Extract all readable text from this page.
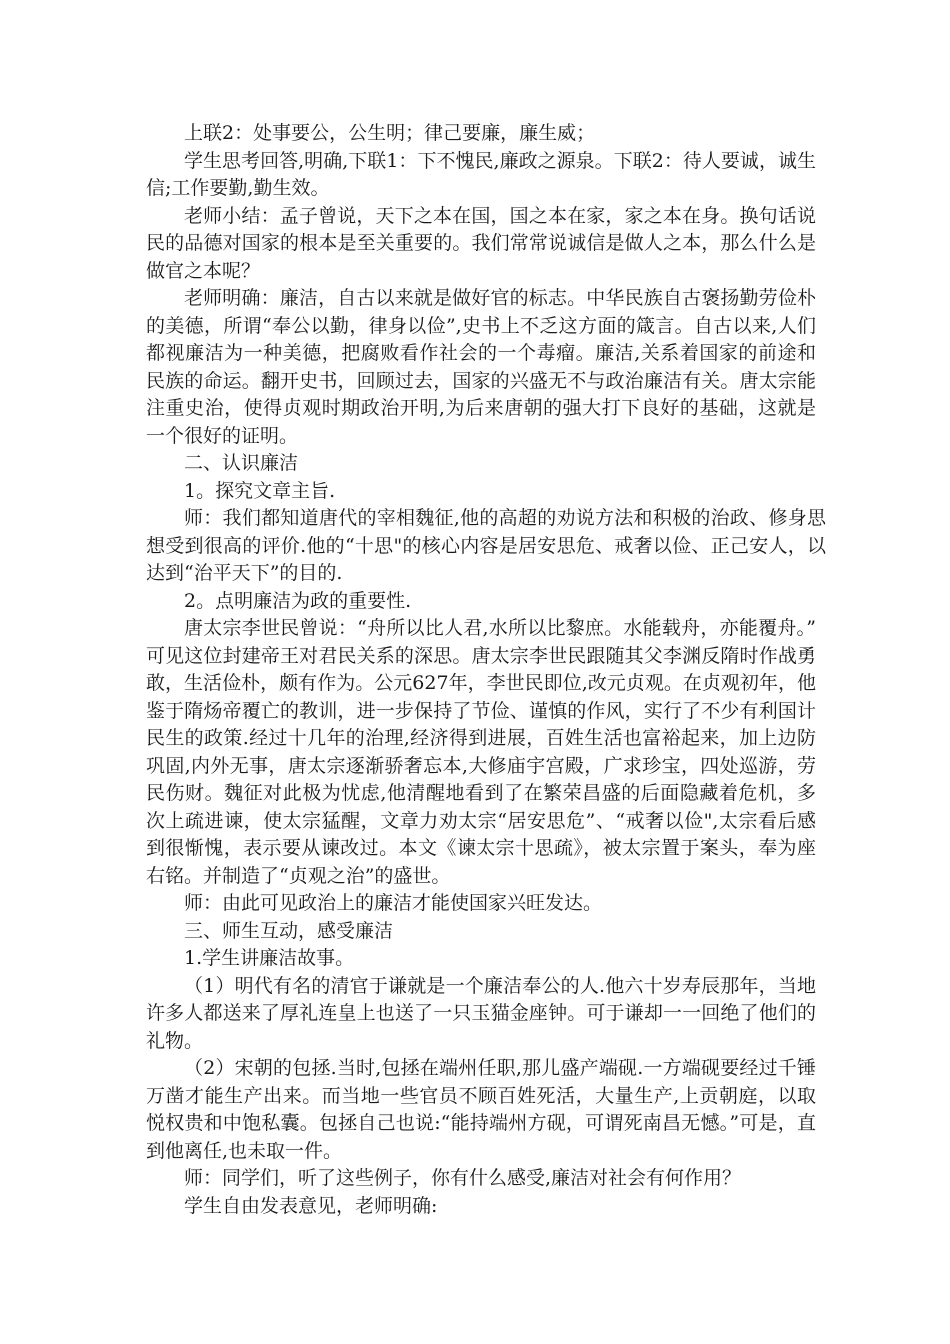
上联2：处事要公，公生明；律己要廉，廉生威；

学生思考回答,明确,下联1：下不愧民,廉政之源泉。下联2：待人要诚，诚生信;工作要勤,勤生效。

老师小结：孟子曾说，天下之本在国，国之本在家，家之本在身。换句话说民的品德对国家的根本是至关重要的。我们常常说诚信是做人之本，那么什么是做官之本呢？

老师明确：廉洁，自古以来就是做好官的标志。中华民族自古褒扬勤劳俭朴的美德，所谓“奉公以勤，律身以俭”,史书上不乏这方面的箴言。自古以来,人们都视廉洁为一种美德，把腐败看作社会的一个毒瘤。廉洁,关系着国家的前途和民族的命运。翻开史书，回顾过去，国家的兴盛无不与政治廉洁有关。唐太宗能注重史治，使得贞观时期政治开明,为后来唐朝的强大打下良好的基础，这就是一个很好的证明。

二、认识廉洁

1。探究文章主旨.

师：我们都知道唐代的宰相魏征,他的高超的劝说方法和积极的治政、修身思想受到很高的评价.他的“十思"的核心内容是居安思危、戒奢以俭、正己安人，以达到“治平天下”的目的.

2。点明廉洁为政的重要性.

唐太宗李世民曾说：“舟所以比人君,水所以比黎庶。水能载舟，亦能覆舟。”可见这位封建帝王对君民关系的深思。唐太宗李世民跟随其父李渊反隋时作战勇敢，生活俭朴，颇有作为。公元627年，李世民即位,改元贞观。在贞观初年，他鉴于隋炀帝覆亡的教训，进一步保持了节俭、谨慎的作风，实行了不少有利国计民生的政策.经过十几年的治理,经济得到进展，百姓生活也富裕起来，加上边防巩固,内外无事，唐太宗逐渐骄奢忘本,大修庙宇宫殿，广求珍宝，四处巡游，劳民伤财。魏征对此极为忧虑,他清醒地看到了在繁荣昌盛的后面隐藏着危机，多次上疏进谏，使太宗猛醒，文章力劝太宗“居安思危”、“戒奢以俭",太宗看后感到很惭愧，表示要从谏改过。本文《谏太宗十思疏》，被太宗置于案头，奉为座右铭。并制造了“贞观之治”的盛世。

师：由此可见政治上的廉洁才能使国家兴旺发达。

三、师生互动，感受廉洁

1.学生讲廉洁故事。

（1）明代有名的清官于谦就是一个廉洁奉公的人.他六十岁寿辰那年，当地许多人都送来了厚礼连皇上也送了一只玉猫金座钟。可于谦却一一回绝了他们的礼物。

（2）宋朝的包拯.当时,包拯在端州任职,那儿盛产端砚.一方端砚要经过千锤万凿才能生产出来。而当地一些官员不顾百姓死活，大量生产,上贡朝庭，以取悦权贵和中饱私囊。包拯自己也说:“能持端州方砚，可谓死南昌无憾。”可是，直到他离任,也未取一件。

师：同学们，听了这些例子，你有什么感受,廉洁对社会有何作用？

学生自由发表意见，老师明确:
